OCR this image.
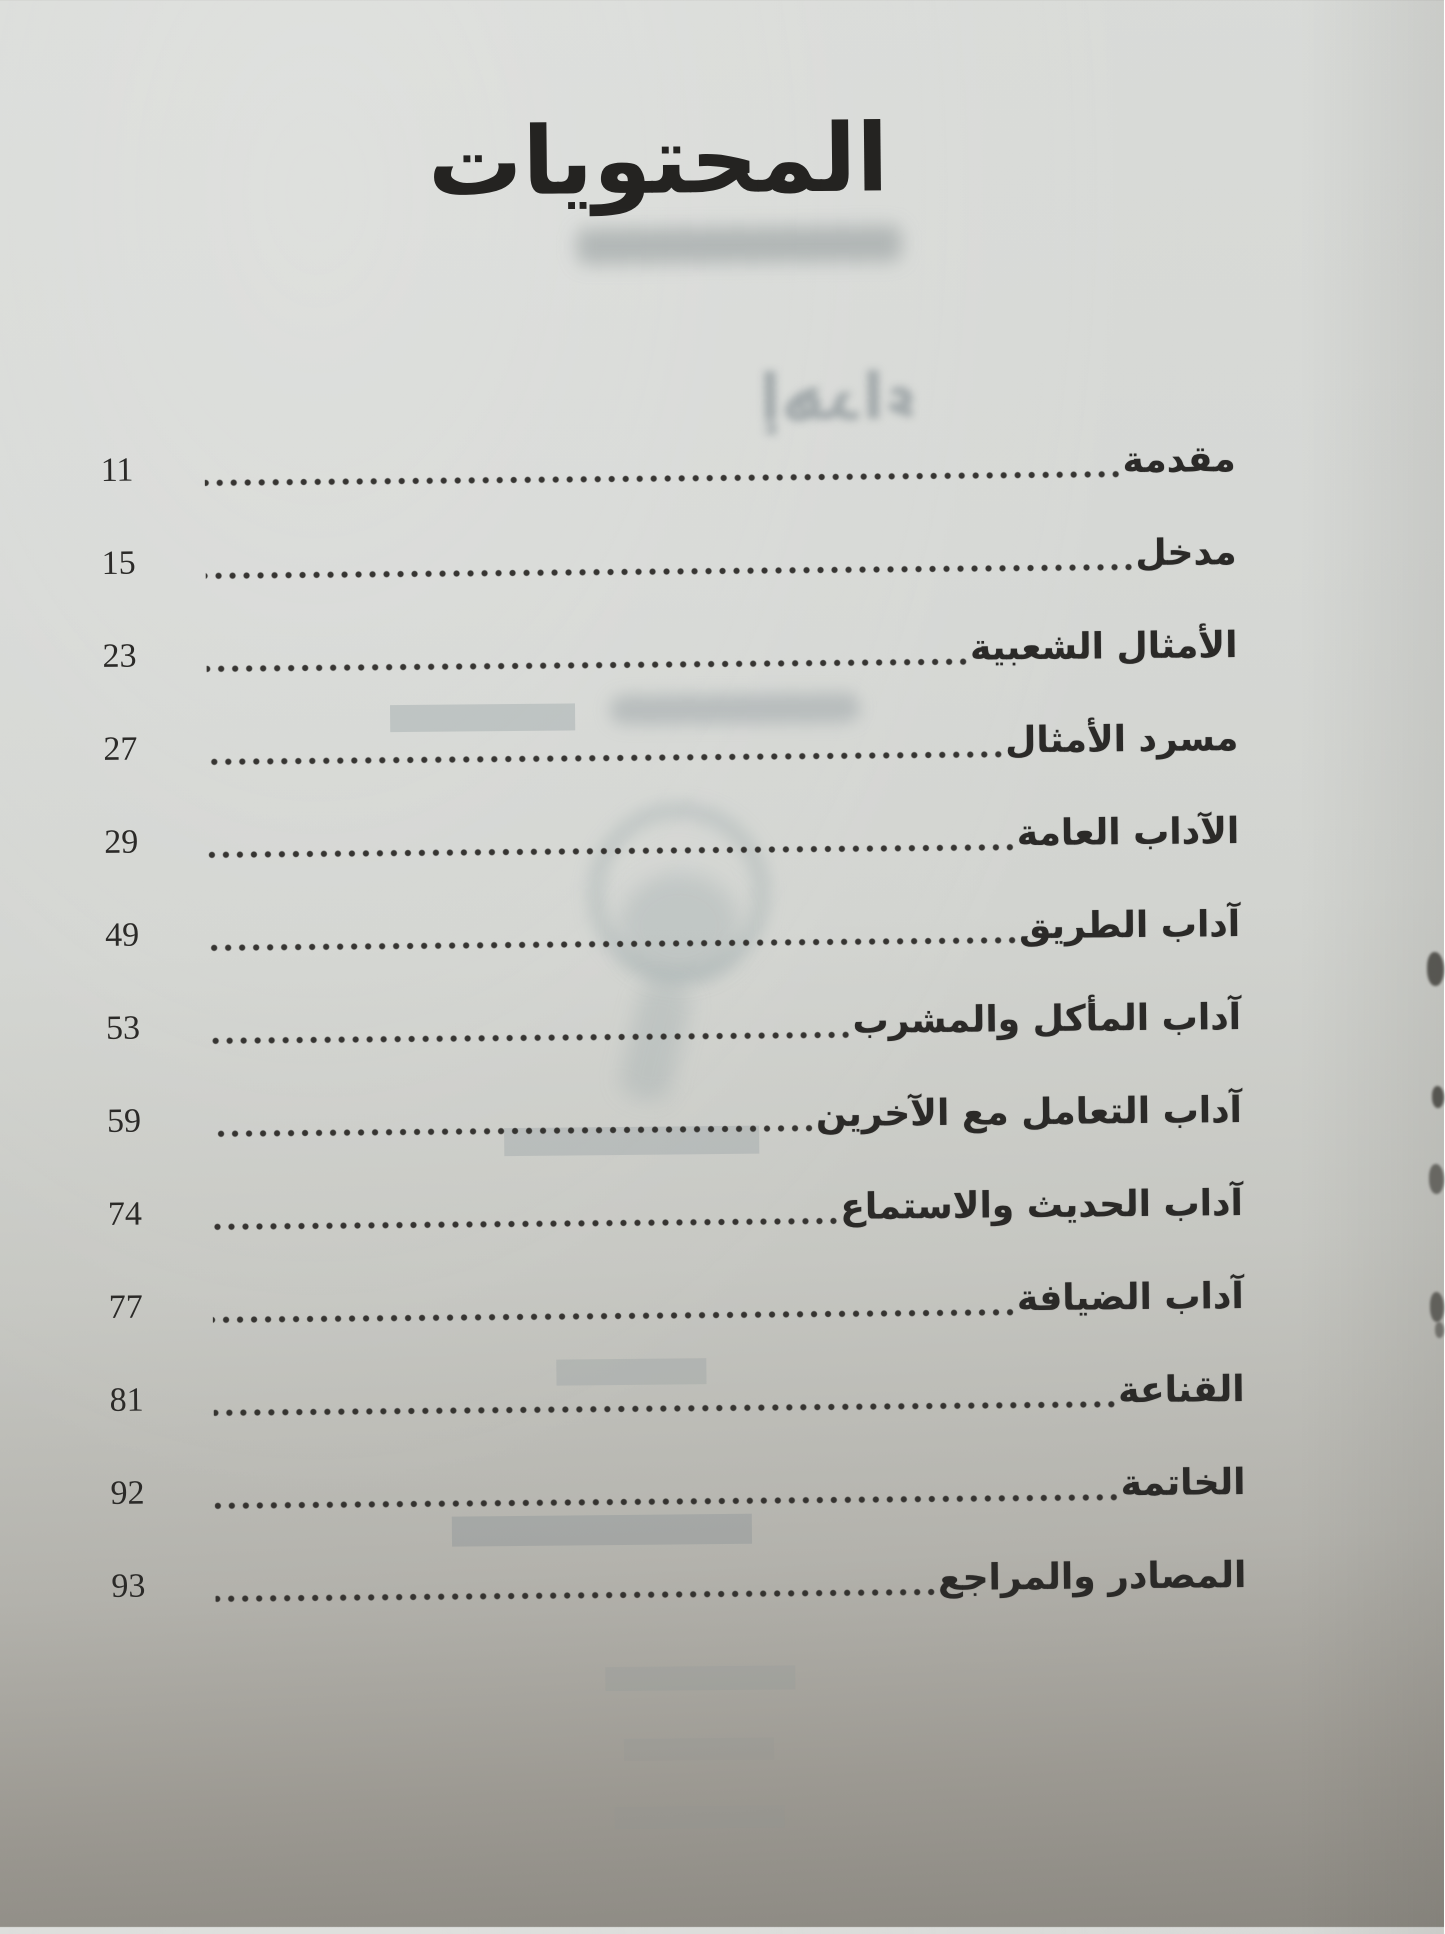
المحتويات
إهداء
مقدمة
11
مدخل
15
الأمثال الشعبية
23
مسرد الأمثال
27
الآداب العامة
29
آداب الطريق
49
آداب المأكل والمشرب
53
آداب التعامل مع الآخرين
59
آداب الحديث والاستماع
74
آداب الضيافة
77
القناعة
81
الخاتمة
92
المصادر والمراجع
93
